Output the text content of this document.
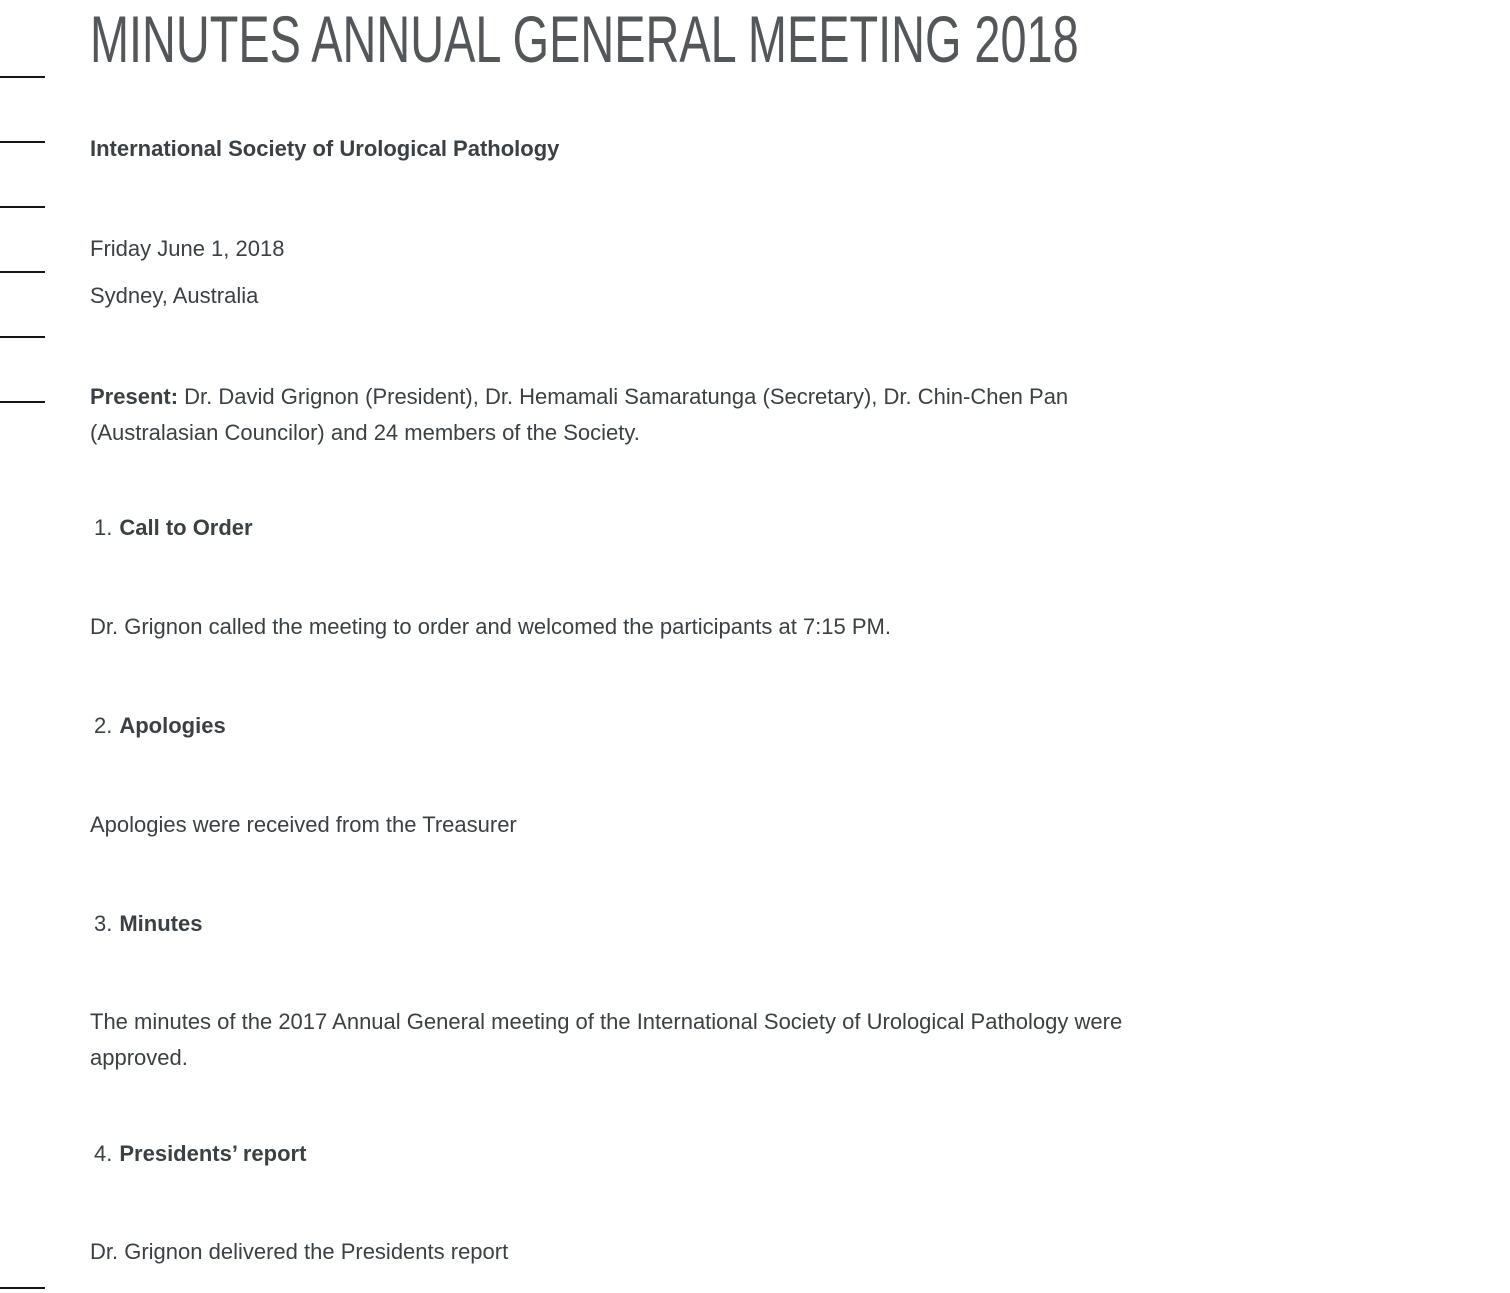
MINUTES ANNUAL GENERAL MEETING 2018

International Society of Urological Pathology

Friday June 1, 2018

Sydney, Australia

Present: Dr. David Grignon (President), Dr. Hemamali Samaratunga (Secretary), Dr. Chin-Chen Pan
(Australasian Councilor) and 24 members of the Society.

1. Call to Order

Dr. Grignon called the meeting to order and welcomed the participants at 7:15 PM.

2. Apologies

Apologies were received from the Treasurer

3. Minutes

The minutes of the 2017 Annual General meeting of the International Society of Urological Pathology were
approved.

4. Presidents’ report

Dr. Grignon delivered the Presidents report
